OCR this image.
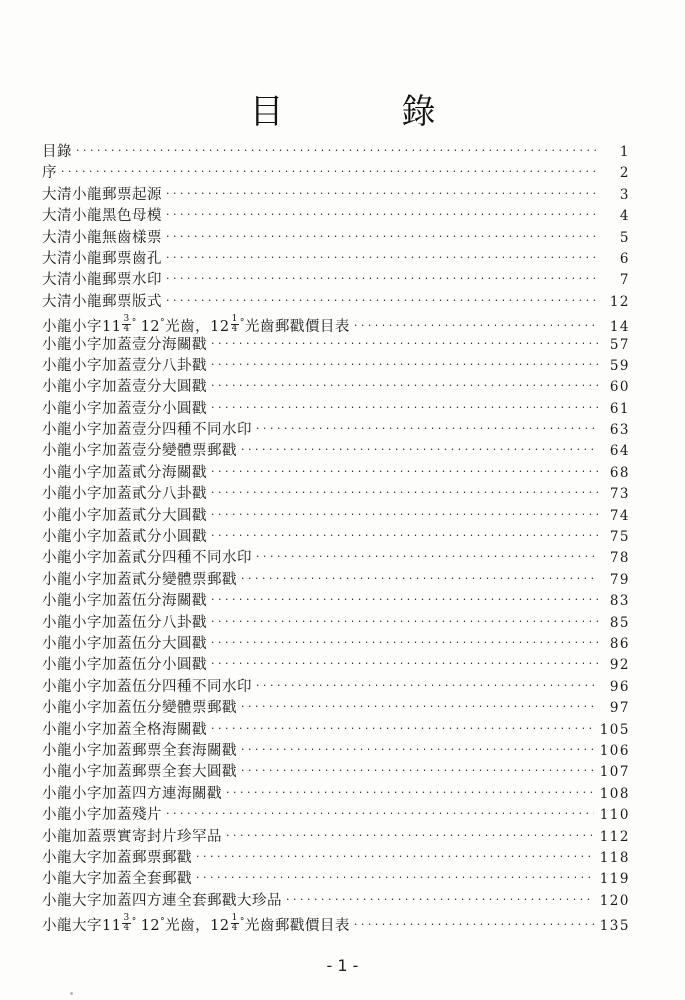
目　錄
目錄 · · ·	1
序 · · ·	2
大清小龍郵票起源 · · ·	3
大清小龍黑色母模 · · ·	4
大清小龍無齒樣票 · · ·	5
大清小龍郵票齒孔 · · ·	6
大清小龍郵票水印 · · ·	7
大清小龍郵票版式 · · ·	12
小龍小字$11 \frac{3}{4} ^\circ$ 12°光齒，$12 \frac{1}{4} ^\circ$光齒郵戳價目表 · · ·	14
小龍小字加蓋壹分海關戳 · · ·	57
小龍小字加蓋壹分八卦戳 · · ·	59
小龍小字加蓋壹分大圓戳 · · ·	60
小龍小字加蓋壹分小圓戳 · · ·	61
小龍小字加蓋壹分四種不同水印 · · ·	63
小龍小字加蓋壹分變體票郵戳 · · ·	64
小龍小字加蓋貳分海關戳 · · ·	68
小龍小字加蓋貳分八卦戳 · · ·	73
小龍小字加蓋貳分大圓戳 · · ·	74
小龍小字加蓋貳分小圓戳 · · ·	75
小龍小字加蓋貳分四種不同水印 · · ·	78
小龍小字加蓋貳分變體票郵戳 · · ·	79
小龍小字加蓋伍分海關戳 · · ·	83
小龍小字加蓋伍分八卦戳 · · ·	85
小龍小字加蓋伍分大圓戳 · · ·	86
小龍小字加蓋伍分小圓戳 · · ·	92
小龍小字加蓋伍分四種不同水印 · · ·	96
小龍小字加蓋伍分變體票郵戳 · · ·	97
小龍小字加蓋全格海關戳 · · ·	105
小龍小字加蓋郵票全套海關戳 · · ·	106
小龍小字加蓋郵票全套大圓戳 · · ·	107
小龍小字加蓋四方連海關戳 · · ·	108
小龍小字加蓋殘片 · · ·	110
小龍加蓋票實寄封片珍罕品 · · ·	112
小龍大字加蓋郵票郵戳 · · ·	118
小龍大字加蓋全套郵戳 · · ·	119
小龍大字加蓋四方連全套郵戳大珍品 · · ·	120
小龍大字$11 \frac{3}{4} ^\circ$ 12°光齒，$12 \frac{1}{4} ^\circ$光齒郵戳價目表 · · ·	135
- 1 -
